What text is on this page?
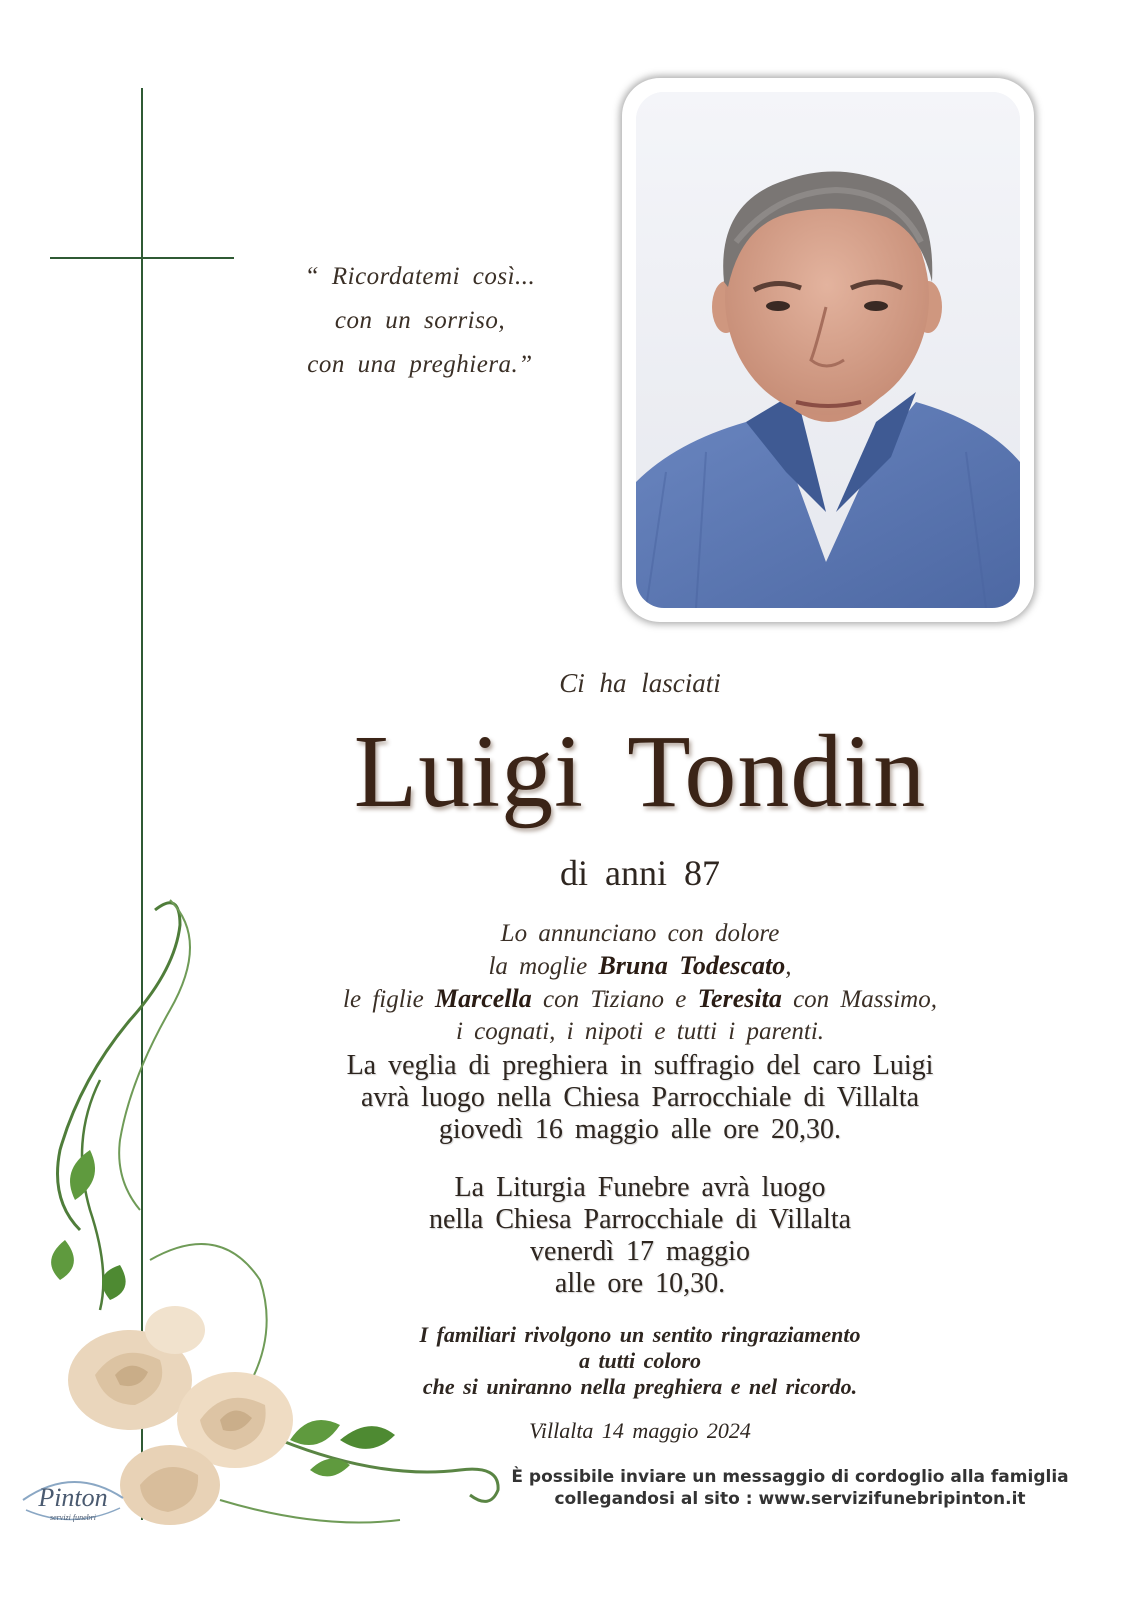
“ Ricordatemi così...
con un sorriso,
con una preghiera.”
Ci ha lasciati
Luigi Tondin
di anni 87
Lo annunciano con dolore
la moglie Bruna Todescato,
le figlie Marcella con Tiziano e Teresita con Massimo,
i cognati, i nipoti e tutti i parenti.
La veglia di preghiera in suffragio del caro Luigi
avrà luogo nella Chiesa Parrocchiale di Villalta
giovedì 16 maggio alle ore 20,30.
La Liturgia Funebre avrà luogo
nella Chiesa Parrocchiale di Villalta
venerdì 17 maggio
alle ore 10,30.
I familiari rivolgono un sentito ringraziamento
a tutti coloro
che si uniranno nella preghiera e nel ricordo.
Villalta 14 maggio 2024
È possibile inviare un messaggio di cordoglio alla famiglia
collegandosi al sito : www.servizifunebripinton.it
Pinton
servizi funebri
